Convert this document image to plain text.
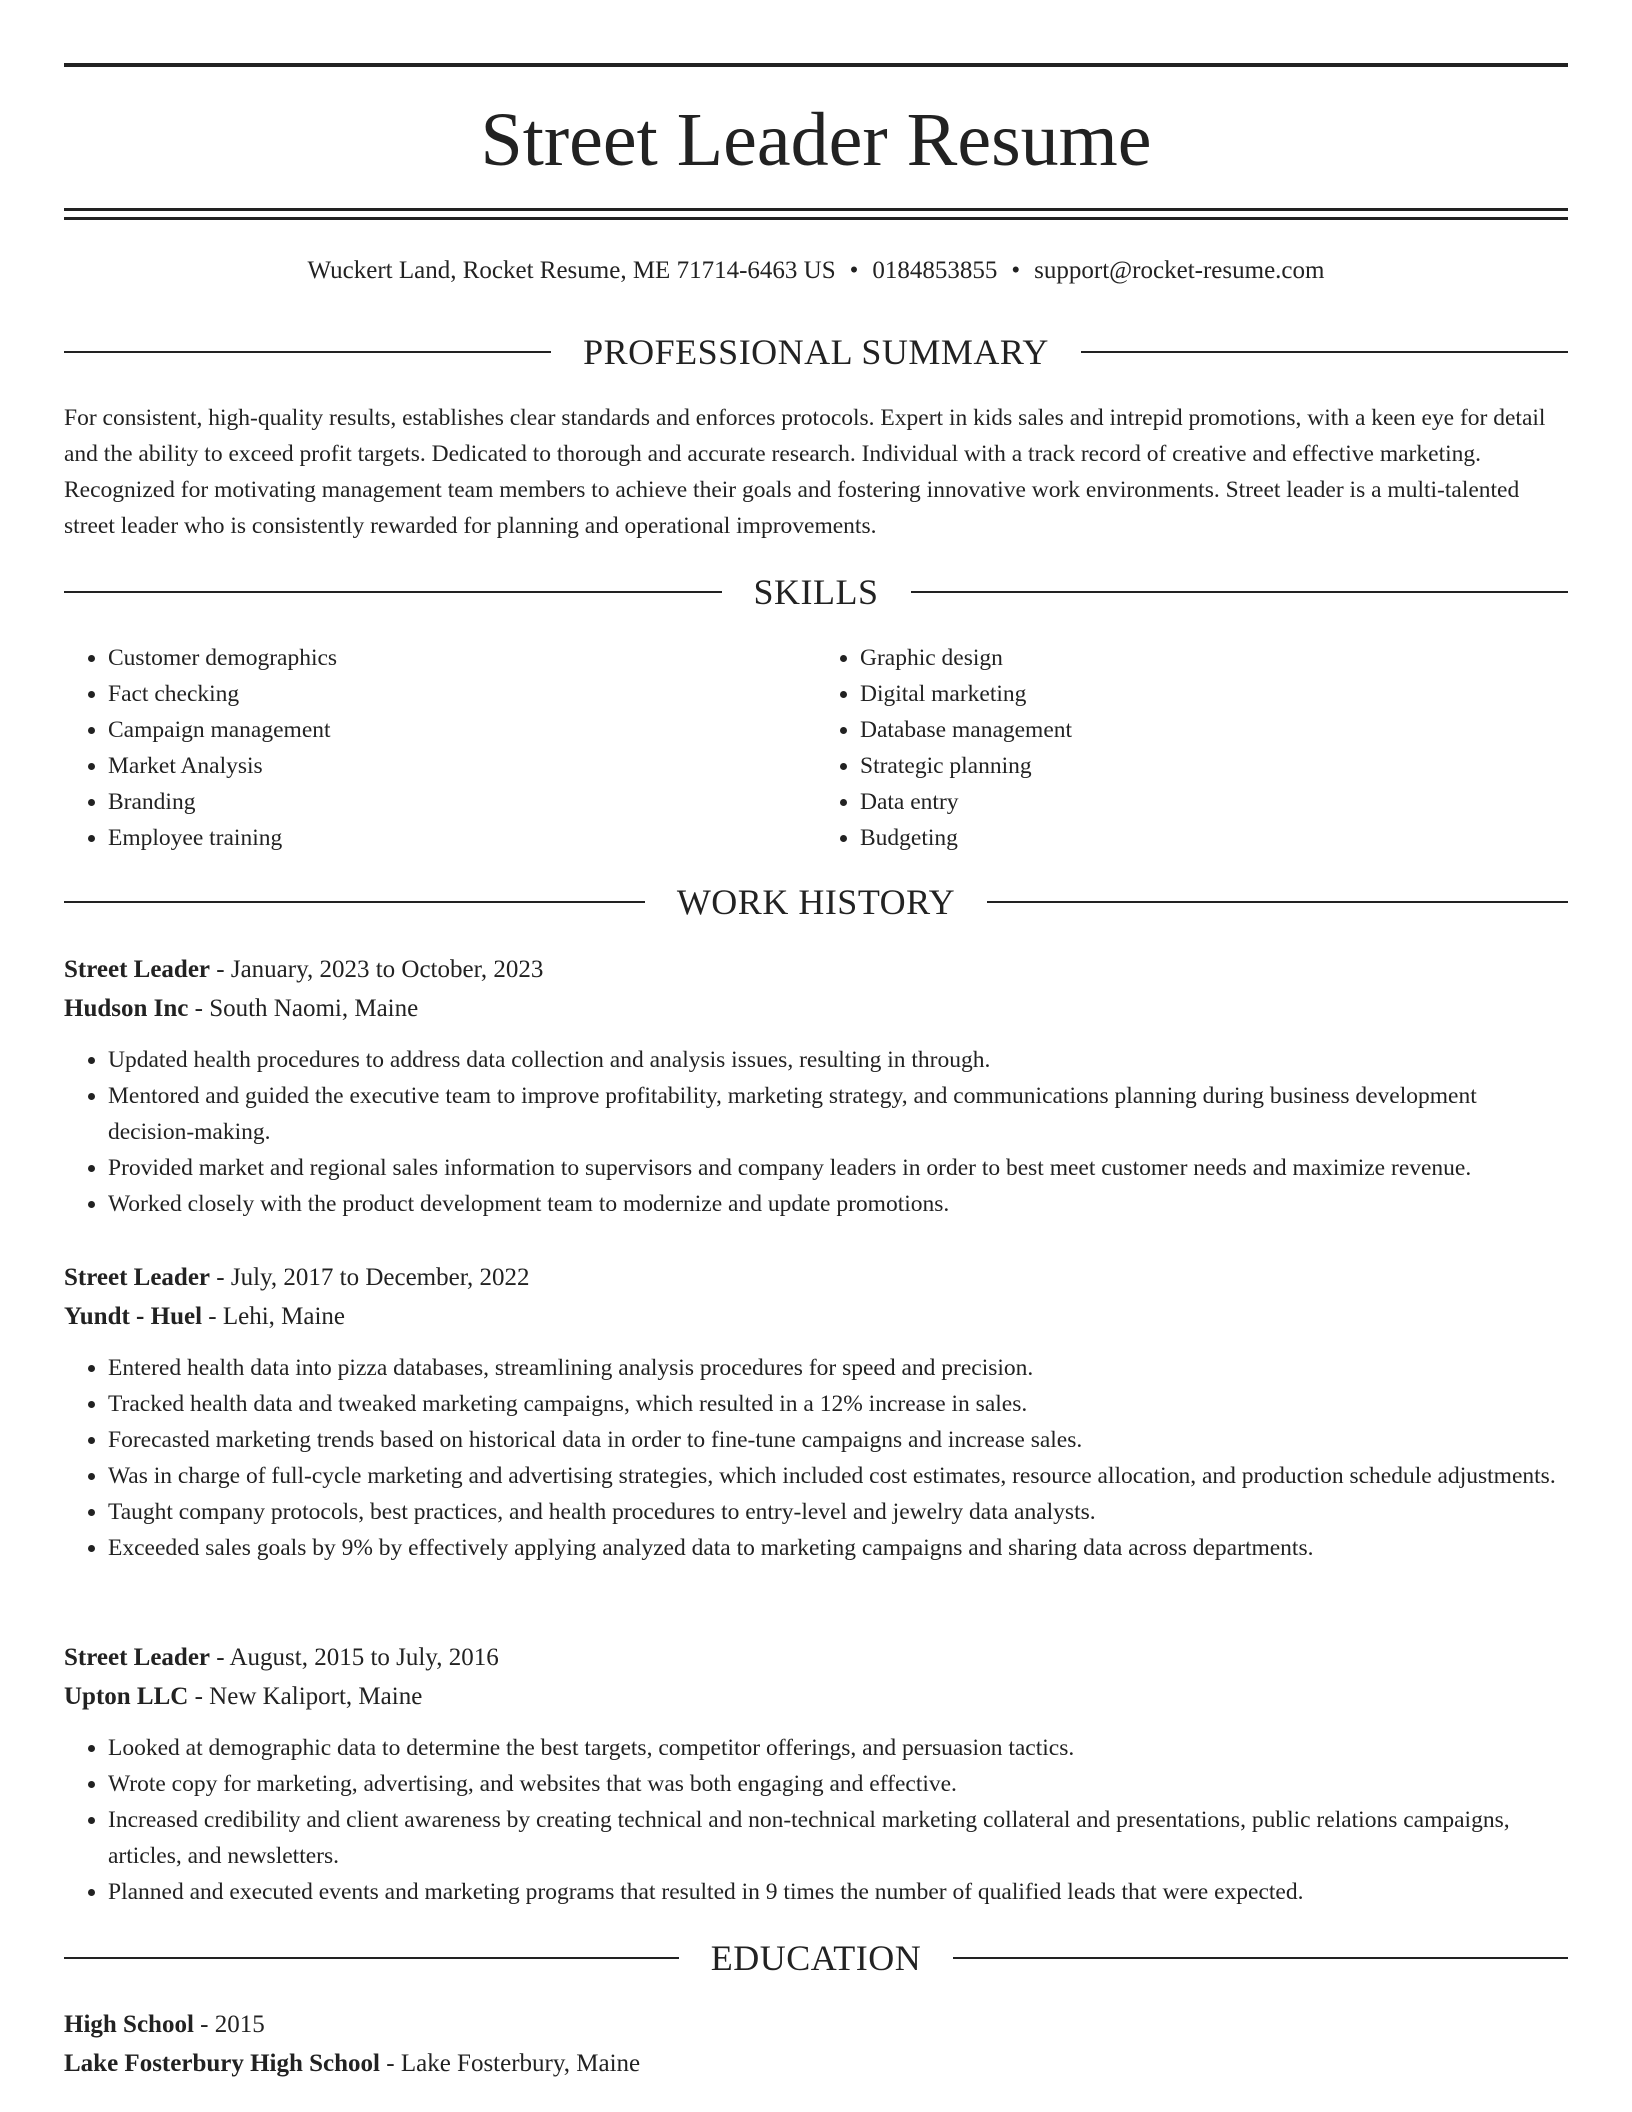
Street Leader Resume
Wuckert Land, Rocket Resume, ME 71714-6463 US • 0184853855 • support@rocket-resume.com
PROFESSIONAL SUMMARY

For consistent, high-quality results, establishes clear standards and enforces protocols. Expert in kids sales and intrepid promotions, with a keen eye for detail and the ability to exceed profit targets. Dedicated to thorough and accurate research. Individual with a track record of creative and effective marketing. Recognized for motivating management team members to achieve their goals and fostering innovative work environments. Street leader is a multi-talented street leader who is consistently rewarded for planning and operational improvements.

SKILLS
• Customer demographics
• Fact checking
• Campaign management
• Market Analysis
• Branding
• Employee training
• Graphic design
• Digital marketing
• Database management
• Strategic planning
• Data entry
• Budgeting
WORK HISTORY
Street Leader - January, 2023 to October, 2023
Hudson Inc - South Naomi, Maine
• Updated health procedures to address data collection and analysis issues, resulting in through.
• Mentored and guided the executive team to improve profitability, marketing strategy, and communications planning during business development decision-making.
• Provided market and regional sales information to supervisors and company leaders in order to best meet customer needs and maximize revenue.
• Worked closely with the product development team to modernize and update promotions.
Street Leader - July, 2017 to December, 2022
Yundt - Huel - Lehi, Maine
• Entered health data into pizza databases, streamlining analysis procedures for speed and precision.
• Tracked health data and tweaked marketing campaigns, which resulted in a 12% increase in sales.
• Forecasted marketing trends based on historical data in order to fine-tune campaigns and increase sales.
• Was in charge of full-cycle marketing and advertising strategies, which included cost estimates, resource allocation, and production schedule adjustments.
• Taught company protocols, best practices, and health procedures to entry-level and jewelry data analysts.
• Exceeded sales goals by 9% by effectively applying analyzed data to marketing campaigns and sharing data across departments.
Street Leader - August, 2015 to July, 2016
Upton LLC - New Kaliport, Maine
• Looked at demographic data to determine the best targets, competitor offerings, and persuasion tactics.
• Wrote copy for marketing, advertising, and websites that was both engaging and effective.
• Increased credibility and client awareness by creating technical and non-technical marketing collateral and presentations, public relations campaigns, articles, and newsletters.
• Planned and executed events and marketing programs that resulted in 9 times the number of qualified leads that were expected.
EDUCATION
High School - 2015
Lake Fosterbury High School - Lake Fosterbury, Maine
